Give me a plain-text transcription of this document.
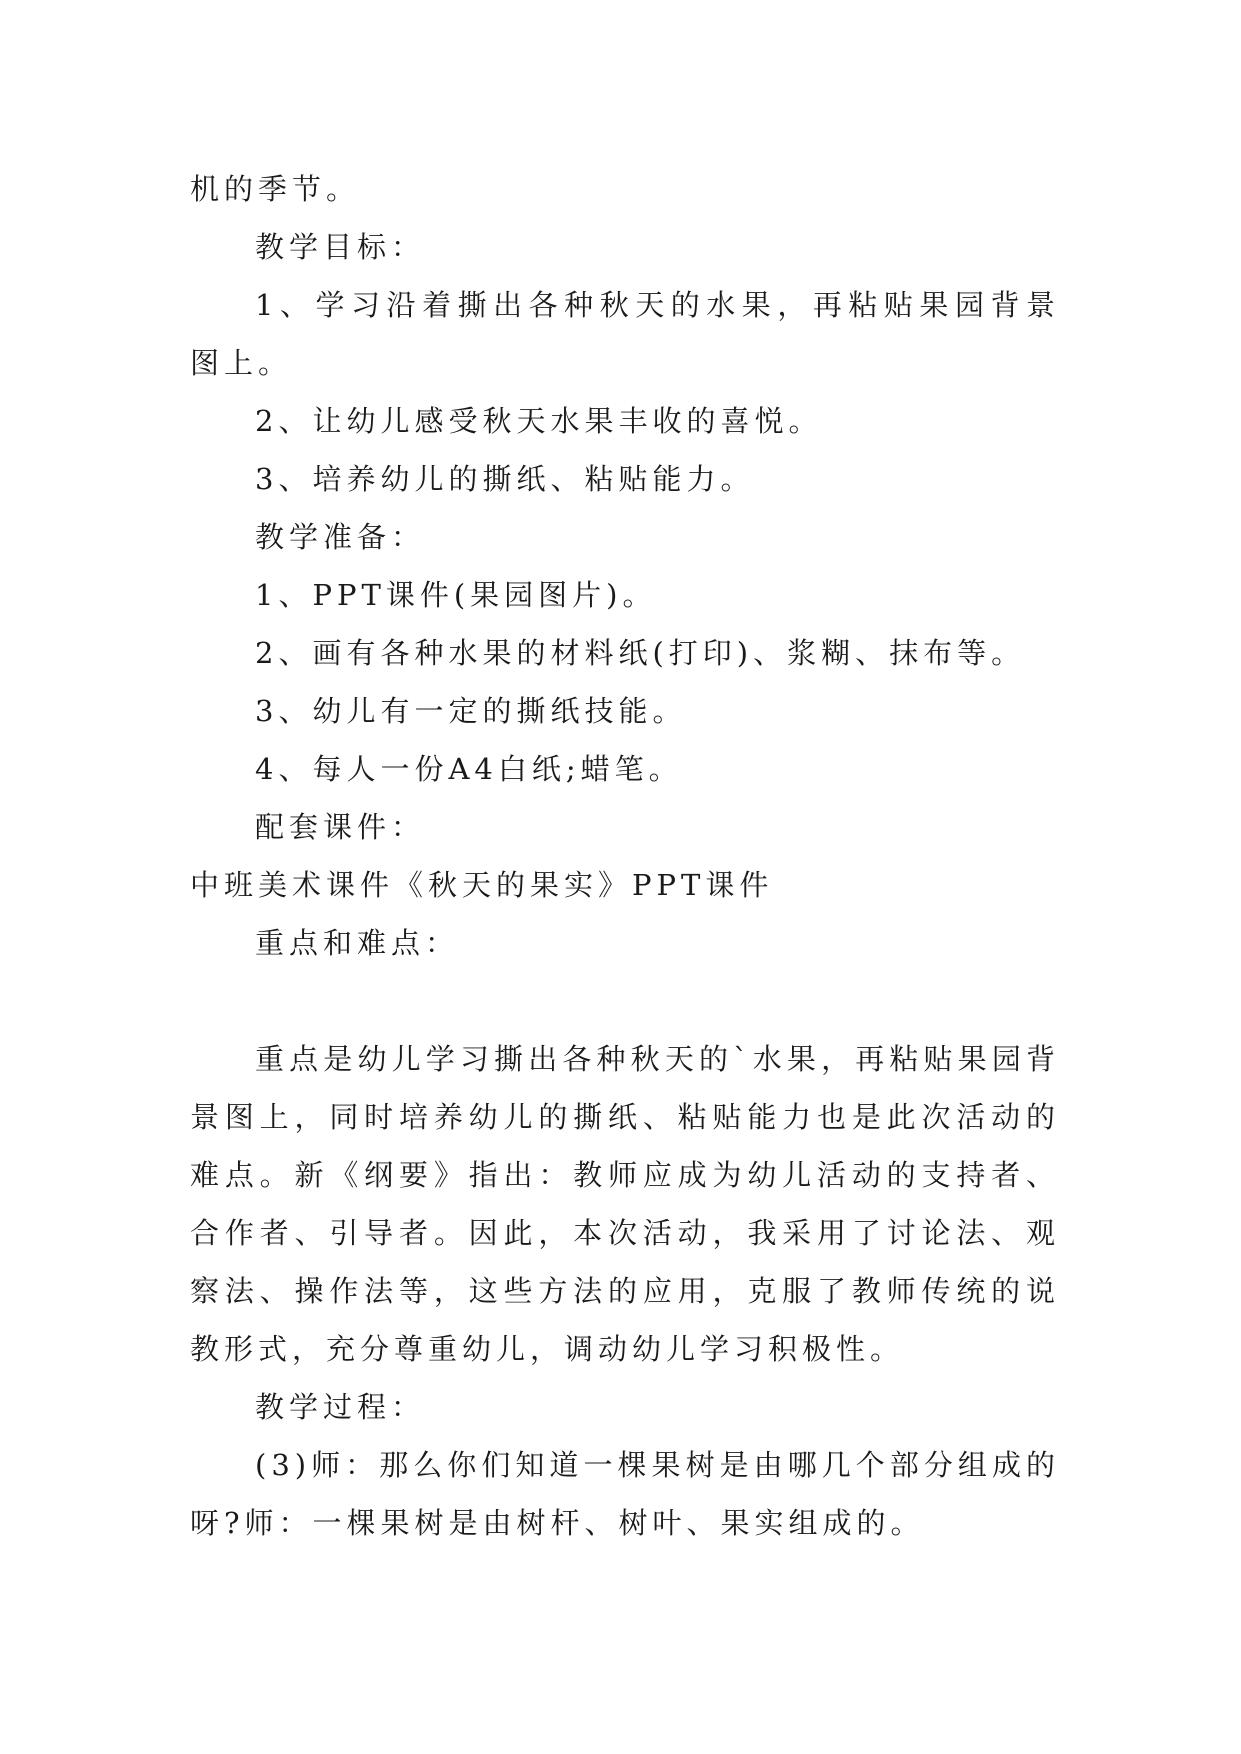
机的季节。

教学目标：

1、学习沿着撕出各种秋天的水果，再粘贴果园背景图上。

2、让幼儿感受秋天水果丰收的喜悦。

3、培养幼儿的撕纸、粘贴能力。

教学准备：

1、PPT课件(果园图片)。

2、画有各种水果的材料纸(打印)、浆糊、抹布等。

3、幼儿有一定的撕纸技能。

4、每人一份A4白纸;蜡笔。

配套课件：

中班美术课件《秋天的果实》PPT课件

重点和难点：

重点是幼儿学习撕出各种秋天的`水果，再粘贴果园背景图上，同时培养幼儿的撕纸、粘贴能力也是此次活动的难点。新《纲要》指出：教师应成为幼儿活动的支持者、合作者、引导者。因此，本次活动，我采用了讨论法、观察法、操作法等，这些方法的应用，克服了教师传统的说教形式，充分尊重幼儿，调动幼儿学习积极性。

教学过程：

(3)师：那么你们知道一棵果树是由哪几个部分组成的呀?师：一棵果树是由树杆、树叶、果实组成的。
